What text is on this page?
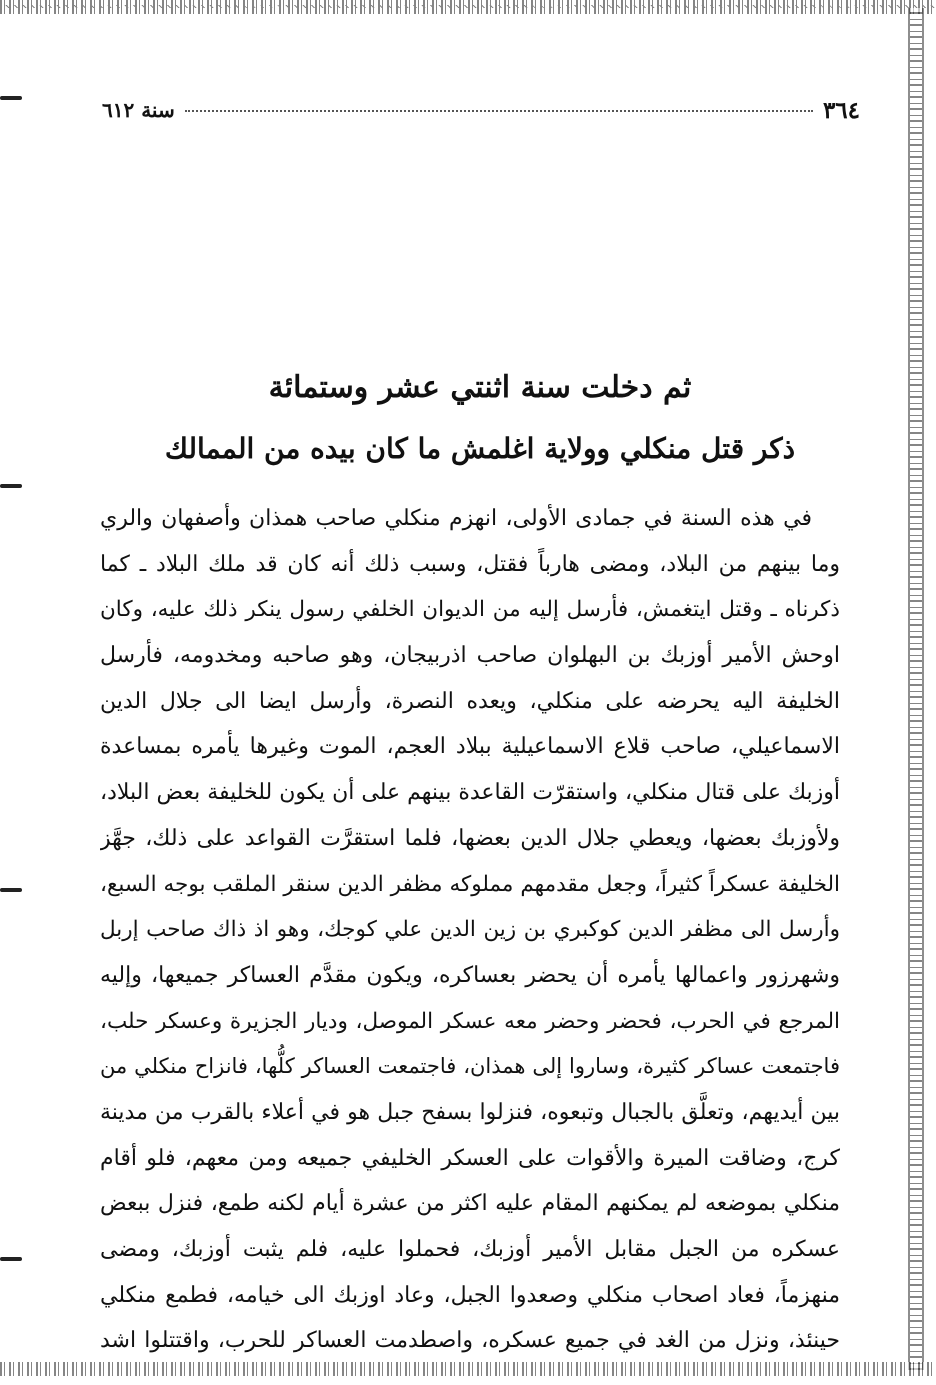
٣٦٤
سنة ٦١٢
ثم دخلت سنة اثنتي عشر وستمائة
ذكر قتل منكلي وولاية اغلمش ما كان بيده من الممالك
في هذه السنة في جمادى الأولى، انهزم منكلي صاحب همذان وأصفهان والري
وما بينهم من البلاد، ومضى هارباً فقتل، وسبب ذلك أنه كان قد ملك البلاد ـ كما
ذكرناه ـ وقتل ايتغمش، فأرسل إليه من الديوان الخلفي رسول ينكر ذلك عليه، وكان
اوحش الأمير أوزبك بن البهلوان صاحب اذربيجان، وهو صاحبه ومخدومه، فأرسل
الخليفة اليه يحرضه على منكلي، ويعده النصرة، وأرسل ايضا الى جلال الدين
الاسماعيلي، صاحب قلاع الاسماعيلية ببلاد العجم، الموت وغيرها يأمره بمساعدة
أوزبك على قتال منكلي، واستقرّت القاعدة بينهم على أن يكون للخليفة بعض البلاد،
ولأوزبك بعضها، ويعطي جلال الدين بعضها، فلما استقرَّت القواعد على ذلك، جهَّز
الخليفة عسكراً كثيراً، وجعل مقدمهم مملوكه مظفر الدين سنقر الملقب بوجه السبع،
وأرسل الى مظفر الدين كوكبري بن زين الدين علي كوجك، وهو اذ ذاك صاحب إربل
وشهرزور واعمالها يأمره أن يحضر بعساكره، ويكون مقدَّم العساكر جميعها، وإليه
المرجع في الحرب، فحضر وحضر معه عسكر الموصل، وديار الجزيرة وعسكر حلب،
فاجتمعت عساكر كثيرة، وساروا إلى همذان، فاجتمعت العساكر كلُّها، فانزاح منكلي من
بين أيديهم، وتعلَّق بالجبال وتبعوه، فنزلوا بسفح جبل هو في أعلاء بالقرب من مدينة
كرج، وضاقت الميرة والأقوات على العسكر الخليفي جميعه ومن معهم، فلو أقام
منكلي بموضعه لم يمكنهم المقام عليه اكثر من عشرة أيام لكنه طمع، فنزل ببعض
عسكره من الجبل مقابل الأمير أوزبك، فحملوا عليه، فلم يثبت أوزبك، ومضى
منهزماً، فعاد اصحاب منكلي وصعدوا الجبل، وعاد اوزبك الى خيامه، فطمع منكلي
حينئذ، ونزل من الغد في جميع عسكره، واصطدمت العساكر للحرب، واقتتلوا اشد
